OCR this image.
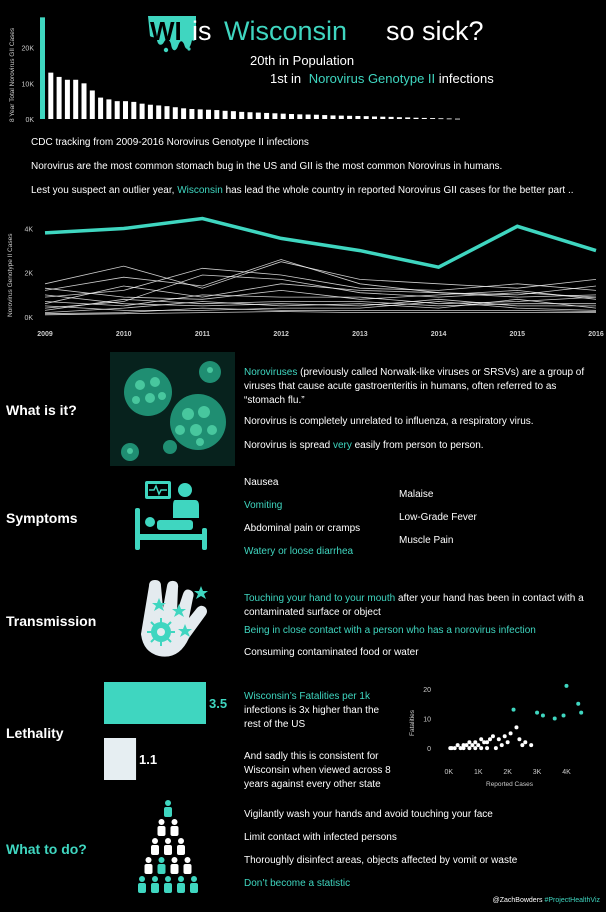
8 Year Total Norovirus GII Cases 0K
10K
20K
WI is Wisconsin so sick?
20th in Population
1st in Norovirus Genotype II infections
CDC tracking from 2009-2016 Norovirus Genotype II infections
Norovirus are the most common stomach bug in the US and GII is the most common Norovirus in humans.
Lest you suspect an outlier year, Wisconsin has lead the whole country in reported Norovirus GII cases for the better part ..
Norovirus Genotype II Cases
0K
2K
4K
2009	2010	2011	2012	2013	2014	2015	2016
What is it?
Noroviruses (previously called Norwalk-like viruses or SRSVs) are a group of viruses that cause acute gastroenteritis in humans, often referred to as “stomach flu.”
Norovirus is completely unrelated to influenza, a respiratory virus.
Norovirus is spread very easily from person to person.
Symptoms
Nausea
Vomiting
Abdominal pain or cramps
Watery or loose diarrhea
Malaise
Low-Grade Fever
Muscle Pain
Transmission
Touching your hand to your mouth after your hand has been in contact with a contaminated surface or object
Being in close contact with a person who has a norovirus infection
Consuming contaminated food or water
Lethality
3.5
1.1
Wisconsin’s Fatalities per 1k infections is 3x higher than the rest of the US
And sadly this is consistent for Wisconsin when viewed across 8 years against every other state
Fatalities
Reported Cases
0K	1K	2K	3K	4K
0
10
20
What to do?
Vigilantly wash your hands and avoid touching your face
Limit contact with infected persons
Thoroughly disinfect areas, objects affected by vomit or waste
Don’t become a statistic
@ZachBowders #ProjectHealthViz
